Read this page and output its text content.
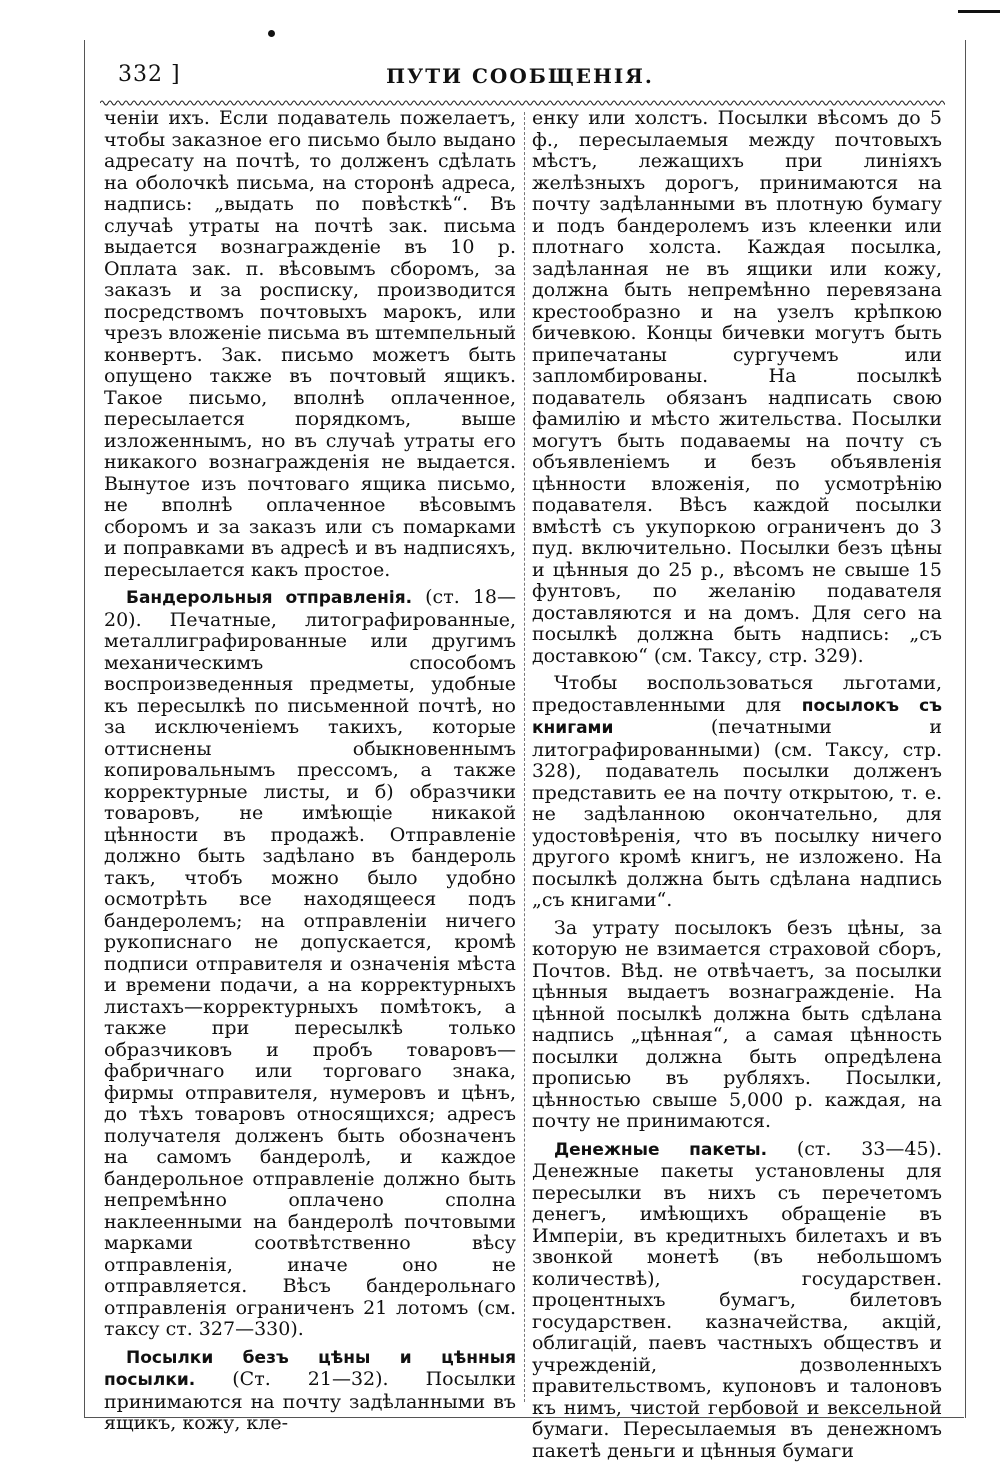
332 ]	ПУТИ СООБЩЕНІЯ.

ченіи ихъ. Если подаватель пожелаетъ, чтобы заказное его письмо было выдано адресату на почтѣ, то долженъ сдѣлать на оболочкѣ письма, на сторонѣ адреса, надпись: „выдать по повѣсткѣ“. Въ случаѣ утраты на почтѣ зак. письма выдается вознагражденіе въ 10 р. Оплата зак. п. вѣсовымъ сборомъ, за заказъ и за росписку, производится посредствомъ почтовыхъ марокъ, или чрезъ вложеніе письма въ штемпельный конвертъ. Зак. письмо можетъ быть опущено также въ почтовый ящикъ. Такое письмо, вполнѣ оплаченное, пересылается порядкомъ, выше изложеннымъ, но въ случаѣ утраты его никакого вознагражденія не выдается. Вынутое изъ почтоваго ящика письмо, не вполнѣ оплаченное вѣсовымъ сборомъ и за заказъ или съ помарками и поправками въ адресѣ и въ надписяхъ, пересылается какъ простое.

Бандерольныя отправленія. (ст. 18—20). Печатные, литографированные, металлиграфированные или другимъ механическимъ способомъ воспроизведенныя предметы, удобные къ пересылкѣ по письменной почтѣ, но за исключеніемъ такихъ, которые оттиснены обыкновеннымъ копировальнымъ прессомъ, а также корректурные листы, и б) образчики товаровъ, не имѣющіе никакой цѣнности въ продажѣ. Отправленіе должно быть задѣлано въ бандероль такъ, чтобъ можно было удобно осмотрѣть все находящееся подъ бандеролемъ; на отправленіи ничего рукописнаго не допускается, кромѣ подписи отправителя и означенія мѣста и времени подачи, а на корректурныхъ листахъ—корректурныхъ помѣтокъ, а также при пересылкѣ только образчиковъ и пробъ товаровъ—фабричнаго или торговаго знака, фирмы отправителя, нумеровъ и цѣнъ, до тѣхъ товаровъ относящихся; адресъ получателя долженъ быть обозначенъ на самомъ бандеролѣ, и каждое бандерольное отправленіе должно быть непремѣнно оплачено сполна наклеенными на бандеролѣ почтовыми марками соотвѣтственно вѣсу отправленія, иначе оно не отправляется. Вѣсъ бандерольнаго отправленія ограниченъ 21 лотомъ (см. таксу ст. 327—330).

Посылки безъ цѣны и цѣнныя посылки. (Ст. 21—32). Посылки принимаются на почту задѣланными въ ящикъ, кожу, кле-

енку или холстъ. Посылки вѣсомъ до 5 ф., пересылаемыя между почтовыхъ мѣстъ, лежащихъ при линіяхъ желѣзныхъ дорогъ, принимаются на почту задѣланными въ плотную бумагу и подъ бандеролемъ изъ клеенки или плотнаго холста. Каждая посылка, задѣланная не въ ящики или кожу, должна быть непремѣнно перевязана крестообразно и на узелъ крѣпкою бичевкою. Концы бичевки могутъ быть припечатаны сургучемъ или запломбированы. На посылкѣ подаватель обязанъ надписать свою фамилію и мѣсто жительства. Посылки могутъ быть подаваемы на почту съ объявленіемъ и безъ объявленія цѣнности вложенія, по усмотрѣнію подавателя. Вѣсъ каждой посылки вмѣстѣ съ укупоркою ограниченъ до 3 пуд. включительно. Посылки безъ цѣны и цѣнныя до 25 р., вѣсомъ не свыше 15 фунтовъ, по желанію подавателя доставляются и на домъ. Для сего на посылкѣ должна быть надпись: „съ доставкою“ (см. Таксу, стр. 329).

Чтобы воспользоваться льготами, предоставленными для посылокъ съ книгами (печатными и литографированными) (см. Таксу, стр. 328), подаватель посылки долженъ представить ее на почту открытою, т. е. не задѣланною окончательно, для удостовѣренія, что въ посылку ничего другого кромѣ книгъ, не изложено. На посылкѣ должна быть сдѣлана надпись „съ книгами“.

За утрату посылокъ безъ цѣны, за которую не взимается страховой сборъ, Почтов. Вѣд. не отвѣчаетъ, за посылки цѣнныя выдаетъ вознагражденіе. На цѣнной посылкѣ должна быть сдѣлана надпись „цѣнная“, а самая цѣнность посылки должна быть опредѣлена прописью въ рубляхъ. Посылки, цѣнностью свыше 5,000 р. каждая, на почту не принимаются.

Денежные пакеты. (ст. 33—45). Денежные пакеты установлены для пересылки въ нихъ съ перечетомъ денегъ, имѣющихъ обращеніе въ Имперіи, въ кредитныхъ билетахъ и въ звонкой монетѣ (въ небольшомъ количествѣ), государствен. процентныхъ бумагъ, билетовъ государствен. казначейства, акцій, облигацій, паевъ частныхъ обществъ и учрежденій, дозволенныхъ правительствомъ, купоновъ и талоновъ къ нимъ, чистой гербовой и вексельной бумаги. Пересылаемыя въ денежномъ пакетѣ деньги и цѣнныя бумаги
